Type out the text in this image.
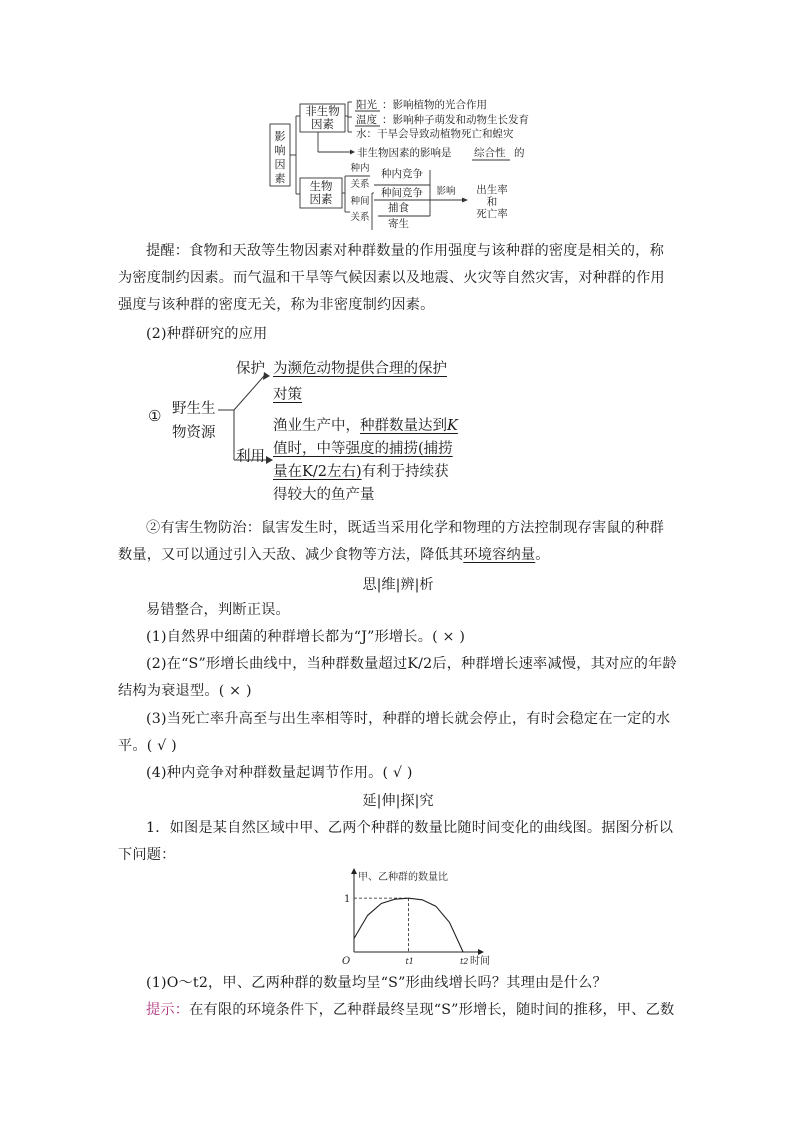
影
响
因
素
非生物
因素
阳光 ：影响植物的光合作用
温度 ：影响种子萌发和动物生长发育
水：干旱会导致动植物死亡和蝗灾
非生物因素的影响是 综合性 的
生物
因素
种内
关系
种内竞争
种间
关系
种间竞争
捕食
寄生
影响 出生率
和
死亡率
提醒：食物和天敌等生物因素对种群数量的作用强度与该种群的密度是相关的，称为密度制约因素。而气温和干旱等气候因素以及地震、火灾等自然灾害，对种群的作用强度与该种群的密度无关，称为非密度制约因素。
(2)种群研究的应用
① 野生生
物资源
保护
利用
为濒危动物提供合理的保护
对策
渔业生产中，种群数量达到K
值时，中等强度的捕捞(捕捞
量在K/2左右)有利于持续获
得较大的鱼产量
②有害生物防治：鼠害发生时，既适当采用化学和物理的方法控制现存害鼠的种群数量，又可以通过引入天敌、减少食物等方法，降低其环境容纳量。
思|维|辨|析
易错整合，判断正误。
(1)自然界中细菌的种群增长都为“J”形增长。( × )
(2)在“S”形增长曲线中，当种群数量超过K/2后，种群增长速率减慢，其对应的年龄结构为衰退型。( × )
(3)当死亡率升高至与出生率相等时，种群的增长就会停止，有时会稳定在一定的水平。( √ )
(4)种内竞争对种群数量起调节作用。( √ )
延|伸|探|究
1．如图是某自然区域中甲、乙两个种群的数量比随时间变化的曲线图。据图分析以下问题：
甲、乙种群的数量比
1
O	t1	t2 时间
(1)O～t2，甲、乙两种群的数量均呈“S”形曲线增长吗？其理由是什么？
提示：在有限的环境条件下，乙种群最终呈现“S”形增长，随时间的推移，甲、乙数
